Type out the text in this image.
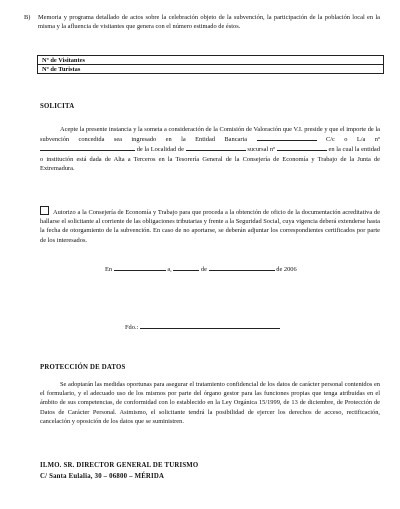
B)	Memoria y programa detallado de actos sobre la celebración objeto de la subvención, la participación de la población local en la misma y la afluencia de visitantes que genera con el número estimado de éstos.
Nº de Visitantes
Nº de Turistas
SOLICITA
Acepte la presente instancia y la someta a consideración de la Comisión de Valoración que V.I. preside y que el importe de la subvención concedida sea ingresado en la Entidad Bancaria	C/c o L/a nº  de la Localidad de	sucursal nº	en la cual la entidad o institución está dada de Alta a Terceros en la Tesorería General de la Consejería de Economía y Trabajo de la Junta de Extremadura.
Autorizo a la Consejería de Economía y Trabajo para que proceda a la obtención de oficio de la documentación acreditativa de hallarse el solicitante al corriente de las obligaciones tributarias y frente a la Seguridad Social, cuya vigencia deberá extenderse hasta la fecha de otorgamiento de la subvención. En caso de no aportarse, se deberán adjuntar los correspondientes certificados por parte de los interesados.
En	a,	de	de 2006
Fdo.:
PROTECCIÓN DE DATOS
Se adoptarán las medidas oportunas para asegurar el tratamiento confidencial de los datos de carácter personal contenidos en el formulario, y el adecuado uso de los mismos por parte del órgano gestor para las funciones propias que tenga atribuidas en el ámbito de sus competencias, de conformidad con lo establecido en la Ley Orgánica 15/1999, de 13 de diciembre, de Protección de Datos de Carácter Personal. Asimismo, el solicitante tendrá la posibilidad de ejercer los derechos de acceso, rectificación, cancelación y oposición de los datos que se suministren.
ILMO. SR. DIRECTOR GENERAL DE TURISMO
C/ Santa Eulalia, 30 – 06800 – MÉRIDA
